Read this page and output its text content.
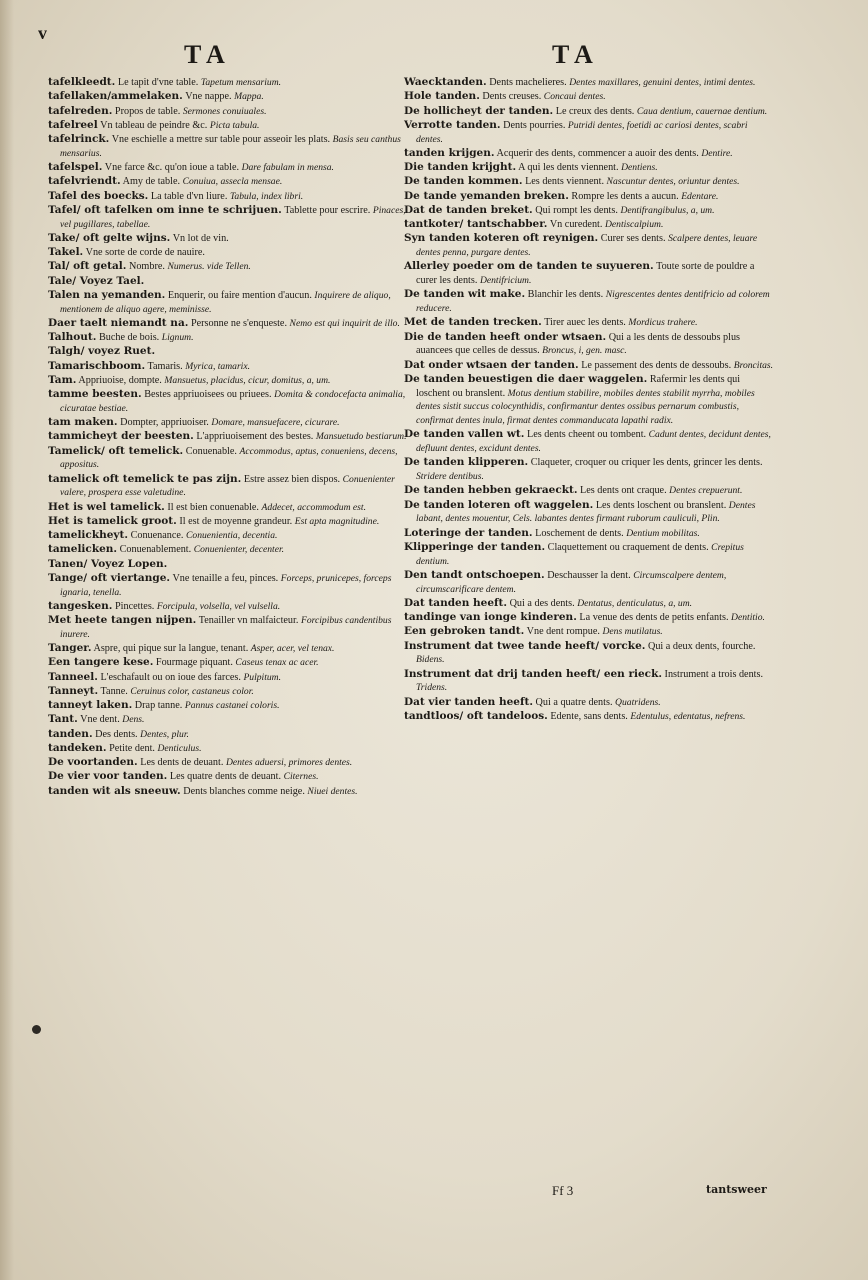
v
T A	T A

tafelkleedt. Le tapit d'vne table. Tapetum mensarium.

tafellaken/ammelaken. Vne nappe. Mappa.

tafelreden. Propos de table. Sermones conuiuales.

tafelreel Vn tableau de peindre &c. Picta tabula.

tafelrinck. Vne eschielle a mettre sur table pour asseoir les plats. Basis seu canthus mensarius.

tafelspel. Vne farce &c. qu'on ioue a table. Dare fabulam in mensa.

tafelvriendt. Amy de table. Conuiua, assecla mensae.

Tafel des boecks. La table d'vn liure. Tabula, index libri.

Tafel/ oft tafelken om inne te schrijuen. Tablette pour escrire. Pinaces, vel pugillares, tabellae.

Take/ oft gelte wijns. Vn lot de vin.

Takel. Vne sorte de corde de nauire.

Tal/ oft getal. Nombre. Numerus. vide Tellen.

Tale/ Voyez Tael.

Talen na yemanden. Enquerir, ou faire mention d'aucun. Inquirere de aliquo, mentionem de aliquo agere, meminisse.

Daer taelt niemandt na. Personne ne s'enqueste. Nemo est qui inquirit de illo.

Talhout. Buche de bois. Lignum.

Talgh/ voyez Ruet.

Tamarischboom. Tamaris. Myrica, tamarix.

Tam. Appriuoise, dompte. Mansuetus, placidus, cicur, domitus, a, um.

tamme beesten. Bestes appriuoisees ou priuees. Domita & condocefacta animalia, cicuratae bestiae.

tam maken. Dompter, appriuoiser. Domare, mansuefacere, cicurare.

tammicheyt der beesten. L'appriuoisement des bestes. Mansuetudo bestiarum.

Tamelick/ oft temelick. Conuenable. Accommodus, aptus, conueniens, decens, appositus.

tamelick oft temelick te pas zijn. Estre assez bien dispos. Conuenienter valere, prospera esse valetudine.

Het is wel tamelick. Il est bien conuenable. Addecet, accommodum est.

Het is tamelick groot. Il est de moyenne grandeur. Est apta magnitudine.

tamelickheyt. Conuenance. Conuenientia, decentia.

tamelicken. Conuenablement. Conuenienter, decenter.

Tanen/ Voyez Lopen.

Tange/ oft viertange. Vne tenaille a feu, pinces. Forceps, prunicepes, forceps ignaria, tenella.

tangesken. Pincettes. Forcipula, volsella, vel vulsella.

Met heete tangen nijpen. Tenailler vn malfaicteur. Forcipibus candentibus inurere.

Tanger. Aspre, qui pique sur la langue, tenant. Asper, acer, vel tenax.

Een tangere kese. Fourmage piquant. Caseus tenax ac acer.

Tanneel. L'eschafault ou on ioue des farces. Pulpitum.

Tanneyt. Tanne. Ceruinus color, castaneus color.

tanneyt laken. Drap tanne. Pannus castanei coloris.

Tant. Vne dent. Dens.

tanden. Des dents. Dentes, plur.

tandeken. Petite dent. Denticulus.

De voortanden. Les dents de deuant. Dentes aduersi, primores dentes.

De vier voor tanden. Les quatre dents de deuant. Citernes.

tanden wit als sneeuw. Dents blanches comme neige. Niuei dentes.

Waecktanden. Dents machelieres. Dentes maxillares, genuini dentes, intimi dentes.

Hole tanden. Dents creuses. Concaui dentes.

De hollicheyt der tanden. Le creux des dents. Caua dentium, cauernae dentium.

Verrotte tanden. Dents pourries. Putridi dentes, foetidi ac cariosi dentes, scabri dentes.

tanden krijgen. Acquerir des dents, commencer a auoir des dents. Dentire.

Die tanden krijght. A qui les dents viennent. Dentiens.

De tanden kommen. Les dents viennent. Nascuntur dentes, oriuntur dentes.

De tande yemanden breken. Rompre les dents a aucun. Edentare.

Dat de tanden breket. Qui rompt les dents. Dentifrangibulus, a, um.

tantkoter/ tantschabber. Vn curedent. Dentiscalpium.

Syn tanden koteren oft reynigen. Curer ses dents. Scalpere dentes, leuare dentes penna, purgare dentes.

Allerley poeder om de tanden te suyueren. Toute sorte de pouldre a curer les dents. Dentifricium.

De tanden wit make. Blanchir les dents. Nigrescentes dentes dentifricio ad colorem reducere.

Met de tanden trecken. Tirer auec les dents. Mordicus trahere.

Die de tanden heeft onder wtsaen. Qui a les dents de dessoubs plus auancees que celles de dessus. Broncus, i, gen. masc.

Dat onder wtsaen der tanden. Le passement des dents de dessoubs. Broncitas.

De tanden beuestigen die daer waggelen. Rafermir les dents qui loschent ou branslent. Motus dentium stabilire, mobiles dentes stabilit myrrha, mobiles dentes sistit succus colocynthidis, confirmantur dentes ossibus pernarum combustis, confirmat dentes inula, firmat dentes commanducata lapathi radix.

De tanden vallen wt. Les dents cheent ou tombent. Cadunt dentes, decidunt dentes, defluunt dentes, excidunt dentes.

De tanden klipperen. Claqueter, croquer ou criquer les dents, grincer les dents. Stridere dentibus.

De tanden hebben gekraeckt. Les dents ont craque. Dentes crepuerunt.

De tanden loteren oft waggelen. Les dents loschent ou branslent. Dentes labant, dentes mouentur, Cels. labantes dentes firmant ruborum cauliculi, Plin.

Loteringe der tanden. Loschement de dents. Dentium mobilitas.

Klipperinge der tanden. Claquettement ou craquement de dents. Crepitus dentium.

Den tandt ontschoepen. Deschausser la dent. Circumscalpere dentem, circumscarificare dentem.

Dat tanden heeft. Qui a des dents. Dentatus, denticulatus, a, um.

tandinge van ionge kinderen. La venue des dents de petits enfants. Dentitio.

Een gebroken tandt. Vne dent rompue. Dens mutilatus.

Instrument dat twee tande heeft/ vorcke. Qui a deux dents, fourche. Bidens.

Instrument dat drij tanden heeft/ een rieck. Instrument a trois dents. Tridens.

Dat vier tanden heeft. Qui a quatre dents. Quatridens.

tandtloos/ oft tandeloos. Edente, sans dents. Edentulus, edentatus, nefrens.

Ff 3	tantsweer
